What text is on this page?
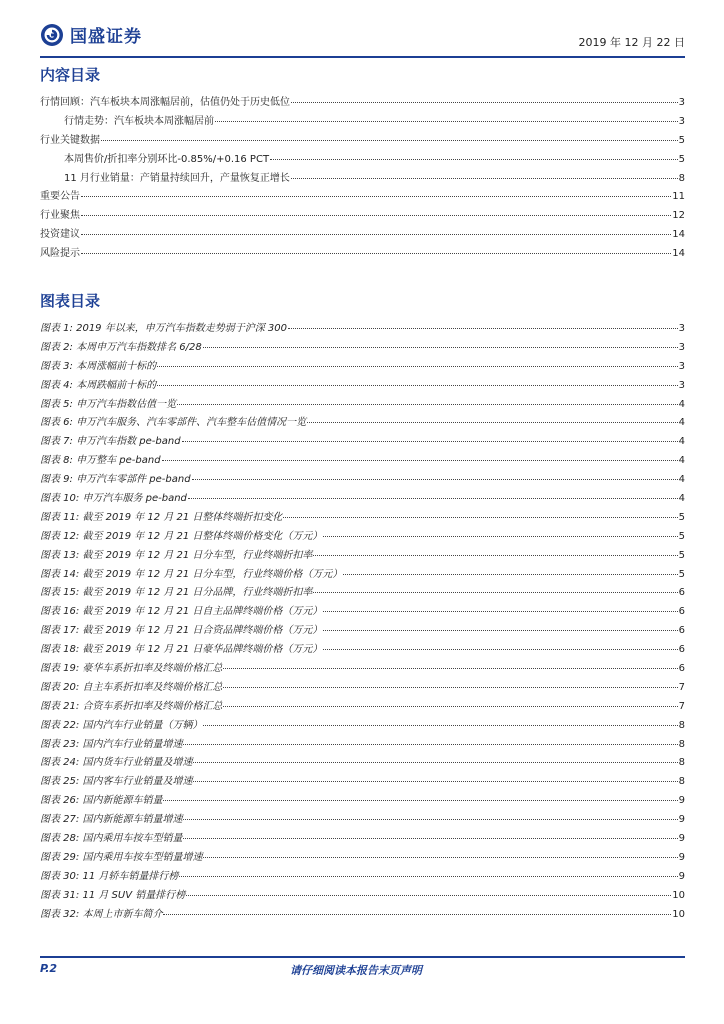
国盛证券	2019 年 12 月 22 日
内容目录
行情回顾：汽车板块本周涨幅居前，估值仍处于历史低位	3
行情走势：汽车板块本周涨幅居前	3
行业关键数据	5
本周售价/折扣率分别环比-0.85%/+0.16 PCT	5
11 月行业销量：产销量持续回升，产量恢复正增长	8
重要公告	11
行业聚焦	12
投资建议	14
风险提示	14
图表目录
图表 1: 2019 年以来，申万汽车指数走势弱于沪深 300	3
图表 2: 本周申万汽车指数排名 6/28	3
图表 3: 本周涨幅前十标的	3
图表 4: 本周跌幅前十标的	3
图表 5: 申万汽车指数估值一览	4
图表 6: 申万汽车服务、汽车零部件、汽车整车估值情况一览	4
图表 7: 申万汽车指数 pe-band	4
图表 8: 申万整车 pe-band	4
图表 9: 申万汽车零部件 pe-band	4
图表 10: 申万汽车服务 pe-band	4
图表 11: 截至 2019 年 12 月 21 日整体终端折扣变化	5
图表 12: 截至 2019 年 12 月 21 日整体终端价格变化（万元）	5
图表 13: 截至 2019 年 12 月 21 日分车型，行业终端折扣率	5
图表 14: 截至 2019 年 12 月 21 日分车型，行业终端价格（万元）	5
图表 15: 截至 2019 年 12 月 21 日分品牌，行业终端折扣率	6
图表 16: 截至 2019 年 12 月 21 日自主品牌终端价格（万元）	6
图表 17: 截至 2019 年 12 月 21 日合资品牌终端价格（万元）	6
图表 18: 截至 2019 年 12 月 21 日豪华品牌终端价格（万元）	6
图表 19: 豪华车系折扣率及终端价格汇总	6
图表 20: 自主车系折扣率及终端价格汇总	7
图表 21: 合资车系折扣率及终端价格汇总	7
图表 22: 国内汽车行业销量（万辆）	8
图表 23: 国内汽车行业销量增速	8
图表 24: 国内货车行业销量及增速	8
图表 25: 国内客车行业销量及增速	8
图表 26: 国内新能源车销量	9
图表 27: 国内新能源车销量增速	9
图表 28: 国内乘用车按车型销量	9
图表 29: 国内乘用车按车型销量增速	9
图表 30: 11 月轿车销量排行榜	9
图表 31: 11 月 SUV 销量排行榜	10
图表 32: 本周上市新车简介	10
P.2	请仔细阅读本报告末页声明
